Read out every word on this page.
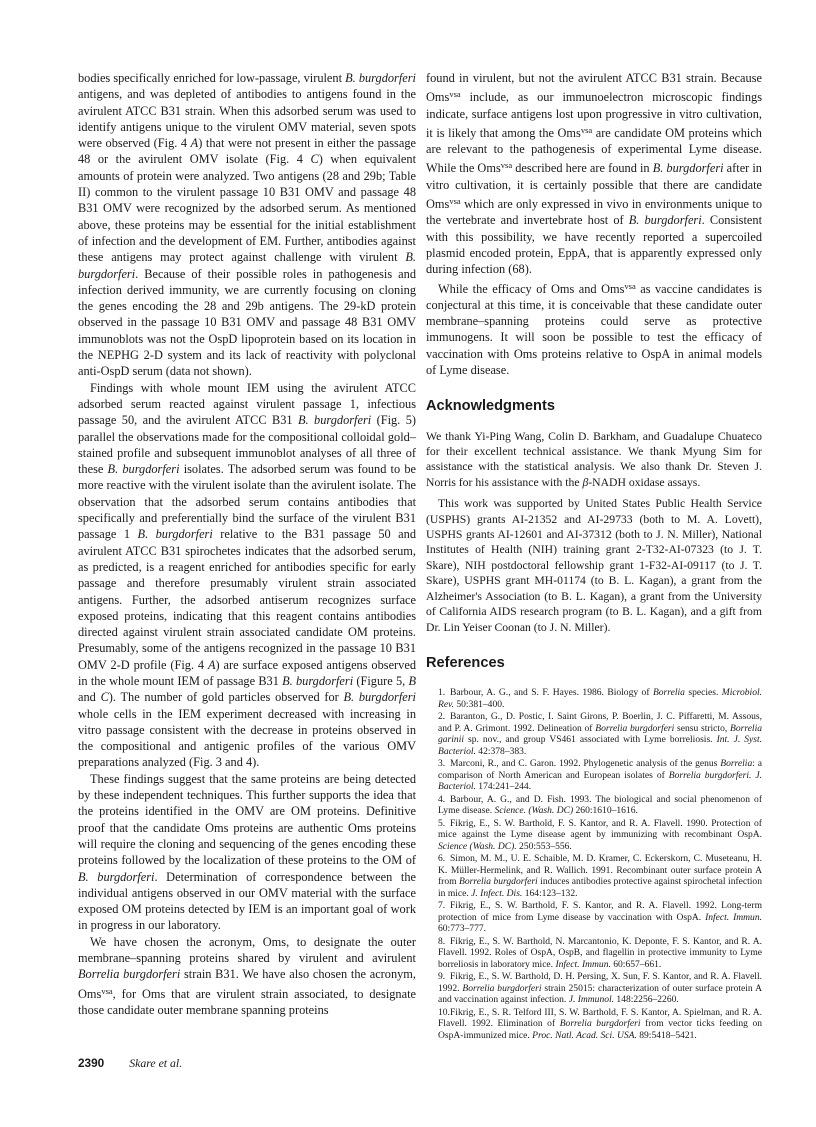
bodies specifically enriched for low-passage, virulent B. burgdorferi antigens, and was depleted of antibodies to antigens found in the avirulent ATCC B31 strain. When this adsorbed serum was used to identify antigens unique to the virulent OMV material, seven spots were observed (Fig. 4 A) that were not present in either the passage 48 or the avirulent OMV isolate (Fig. 4 C) when equivalent amounts of protein were analyzed. Two antigens (28 and 29b; Table II) common to the virulent passage 10 B31 OMV and passage 48 B31 OMV were recognized by the adsorbed serum. As mentioned above, these proteins may be essential for the initial establishment of infection and the development of EM. Further, antibodies against these antigens may protect against challenge with virulent B. burgdorferi. Because of their possible roles in pathogenesis and infection derived immunity, we are currently focusing on cloning the genes encoding the 28 and 29b antigens. The 29-kD protein observed in the passage 10 B31 OMV and passage 48 B31 OMV immunoblots was not the OspD lipoprotein based on its location in the NEPHG 2-D system and its lack of reactivity with polyclonal anti-OspD serum (data not shown).

Findings with whole mount IEM using the avirulent ATCC adsorbed serum reacted against virulent passage 1, infectious passage 50, and the avirulent ATCC B31 B. burgdorferi (Fig. 5) parallel the observations made for the compositional colloidal gold–stained profile and subsequent immunoblot analyses of all three of these B. burgdorferi isolates. The adsorbed serum was found to be more reactive with the virulent isolate than the avirulent isolate. The observation that the adsorbed serum contains antibodies that specifically and preferentially bind the surface of the virulent B31 passage 1 B. burgdorferi relative to the B31 passage 50 and avirulent ATCC B31 spirochetes indicates that the adsorbed serum, as predicted, is a reagent enriched for antibodies specific for early passage and therefore presumably virulent strain associated antigens. Further, the adsorbed antiserum recognizes surface exposed proteins, indicating that this reagent contains antibodies directed against virulent strain associated candidate OM proteins. Presumably, some of the antigens recognized in the passage 10 B31 OMV 2-D profile (Fig. 4 A) are surface exposed antigens observed in the whole mount IEM of passage B31 B. burgdorferi (Figure 5, B and C). The number of gold particles observed for B. burgdorferi whole cells in the IEM experiment decreased with increasing in vitro passage consistent with the decrease in proteins observed in the compositional and antigenic profiles of the various OMV preparations analyzed (Fig. 3 and 4).

These findings suggest that the same proteins are being detected by these independent techniques. This further supports the idea that the proteins identified in the OMV are OM proteins. Definitive proof that the candidate Oms proteins are authentic Oms proteins will require the cloning and sequencing of the genes encoding these proteins followed by the localization of these proteins to the OM of B. burgdorferi. Determination of correspondence between the individual antigens observed in our OMV material with the surface exposed OM proteins detected by IEM is an important goal of work in progress in our laboratory.

We have chosen the acronym, Oms, to designate the outer membrane–spanning proteins shared by virulent and avirulent Borrelia burgdorferi strain B31. We have also chosen the acronym, Oms$^{vsa}$, for Oms that are virulent strain associated, to designate those candidate outer membrane spanning proteins

found in virulent, but not the avirulent ATCC B31 strain. Because Oms$^{vsa}$ include, as our immunoelectron microscopic findings indicate, surface antigens lost upon progressive in vitro cultivation, it is likely that among the Oms$^{vsa}$ are candidate OM proteins which are relevant to the pathogenesis of experimental Lyme disease. While the Oms$^{vsa}$ described here are found in B. burgdorferi after in vitro cultivation, it is certainly possible that there are candidate Oms$^{vsa}$ which are only expressed in vivo in environments unique to the vertebrate and invertebrate host of B. burgdorferi. Consistent with this possibility, we have recently reported a supercoiled plasmid encoded protein, EppA, that is apparently expressed only during infection (68).

While the efficacy of Oms and Oms$^{vsa}$ as vaccine candidates is conjectural at this time, it is conceivable that these candidate outer membrane–spanning proteins could serve as protective immunogens. It will soon be possible to test the efficacy of vaccination with Oms proteins relative to OspA in animal models of Lyme disease.

Acknowledgments

We thank Yi-Ping Wang, Colin D. Barkham, and Guadalupe Chuateco for their excellent technical assistance. We thank Myung Sim for assistance with the statistical analysis. We also thank Dr. Steven J. Norris for his assistance with the β-NADH oxidase assays.

This work was supported by United States Public Health Service (USPHS) grants AI-21352 and AI-29733 (both to M. A. Lovett), USPHS grants AI-12601 and AI-37312 (both to J. N. Miller), National Institutes of Health (NIH) training grant 2-T32-AI-07323 (to J. T. Skare), NIH postdoctoral fellowship grant 1-F32-AI-09117 (to J. T. Skare), USPHS grant MH-01174 (to B. L. Kagan), a grant from the Alzheimer's Association (to B. L. Kagan), a grant from the University of California AIDS research program (to B. L. Kagan), and a gift from Dr. Lin Yeiser Coonan (to J. N. Miller).

References

1.Barbour, A. G., and S. F. Hayes. 1986. Biology of Borrelia species. Microbiol. Rev. 50:381–400.

2.Baranton, G., D. Postic, I. Saint Girons, P. Boerlin, J. C. Piffaretti, M. Assous, and P. A. Grimont. 1992. Delineation of Borrelia burgdorferi sensu stricto, Borrelia garinii sp. nov., and group VS461 associated with Lyme borreliosis. Int. J. Syst. Bacteriol. 42:378–383.

3.Marconi, R., and C. Garon. 1992. Phylogenetic analysis of the genus Borrelia: a comparison of North American and European isolates of Borrelia burgdorferi. J. Bacteriol. 174:241–244.

4.Barbour, A. G., and D. Fish. 1993. The biological and social phenomenon of Lyme disease. Science. (Wash. DC) 260:1610–1616.

5.Fikrig, E., S. W. Barthold, F. S. Kantor, and R. A. Flavell. 1990. Protection of mice against the Lyme disease agent by immunizing with recombinant OspA. Science (Wash. DC). 250:553–556.

6.Simon, M. M., U. E. Schaible, M. D. Kramer, C. Eckerskorn, C. Museteanu, H. K. Müller-Hermelink, and R. Wallich. 1991. Recombinant outer surface protein A from Borrelia burgdorferi induces antibodies protective against spirochetal infection in mice. J. Infect. Dis. 164:123–132.

7.Fikrig, E., S. W. Barthold, F. S. Kantor, and R. A. Flavell. 1992. Long-term protection of mice from Lyme disease by vaccination with OspA. Infect. Immun. 60:773–777.

8.Fikrig, E., S. W. Barthold, N. Marcantonio, K. Deponte, F. S. Kantor, and R. A. Flavell. 1992. Roles of OspA, OspB, and flagellin in protective immunity to Lyme borreliosis in laboratory mice. Infect. Immun. 60:657–661.

9.Fikrig, E., S. W. Barthold, D. H. Persing, X. Sun, F. S. Kantor, and R. A. Flavell. 1992. Borrelia burgdorferi strain 25015: characterization of outer surface protein A and vaccination against infection. J. Immunol. 148:2256–2260.

10.Fikrig, E., S. R. Telford III, S. W. Barthold, F. S. Kantor, A. Spielman, and R. A. Flavell. 1992. Elimination of Borrelia burgdorferi from vector ticks feeding on OspA-immunized mice. Proc. Natl. Acad. Sci. USA. 89:5418–5421.

2390 Skare et al.
